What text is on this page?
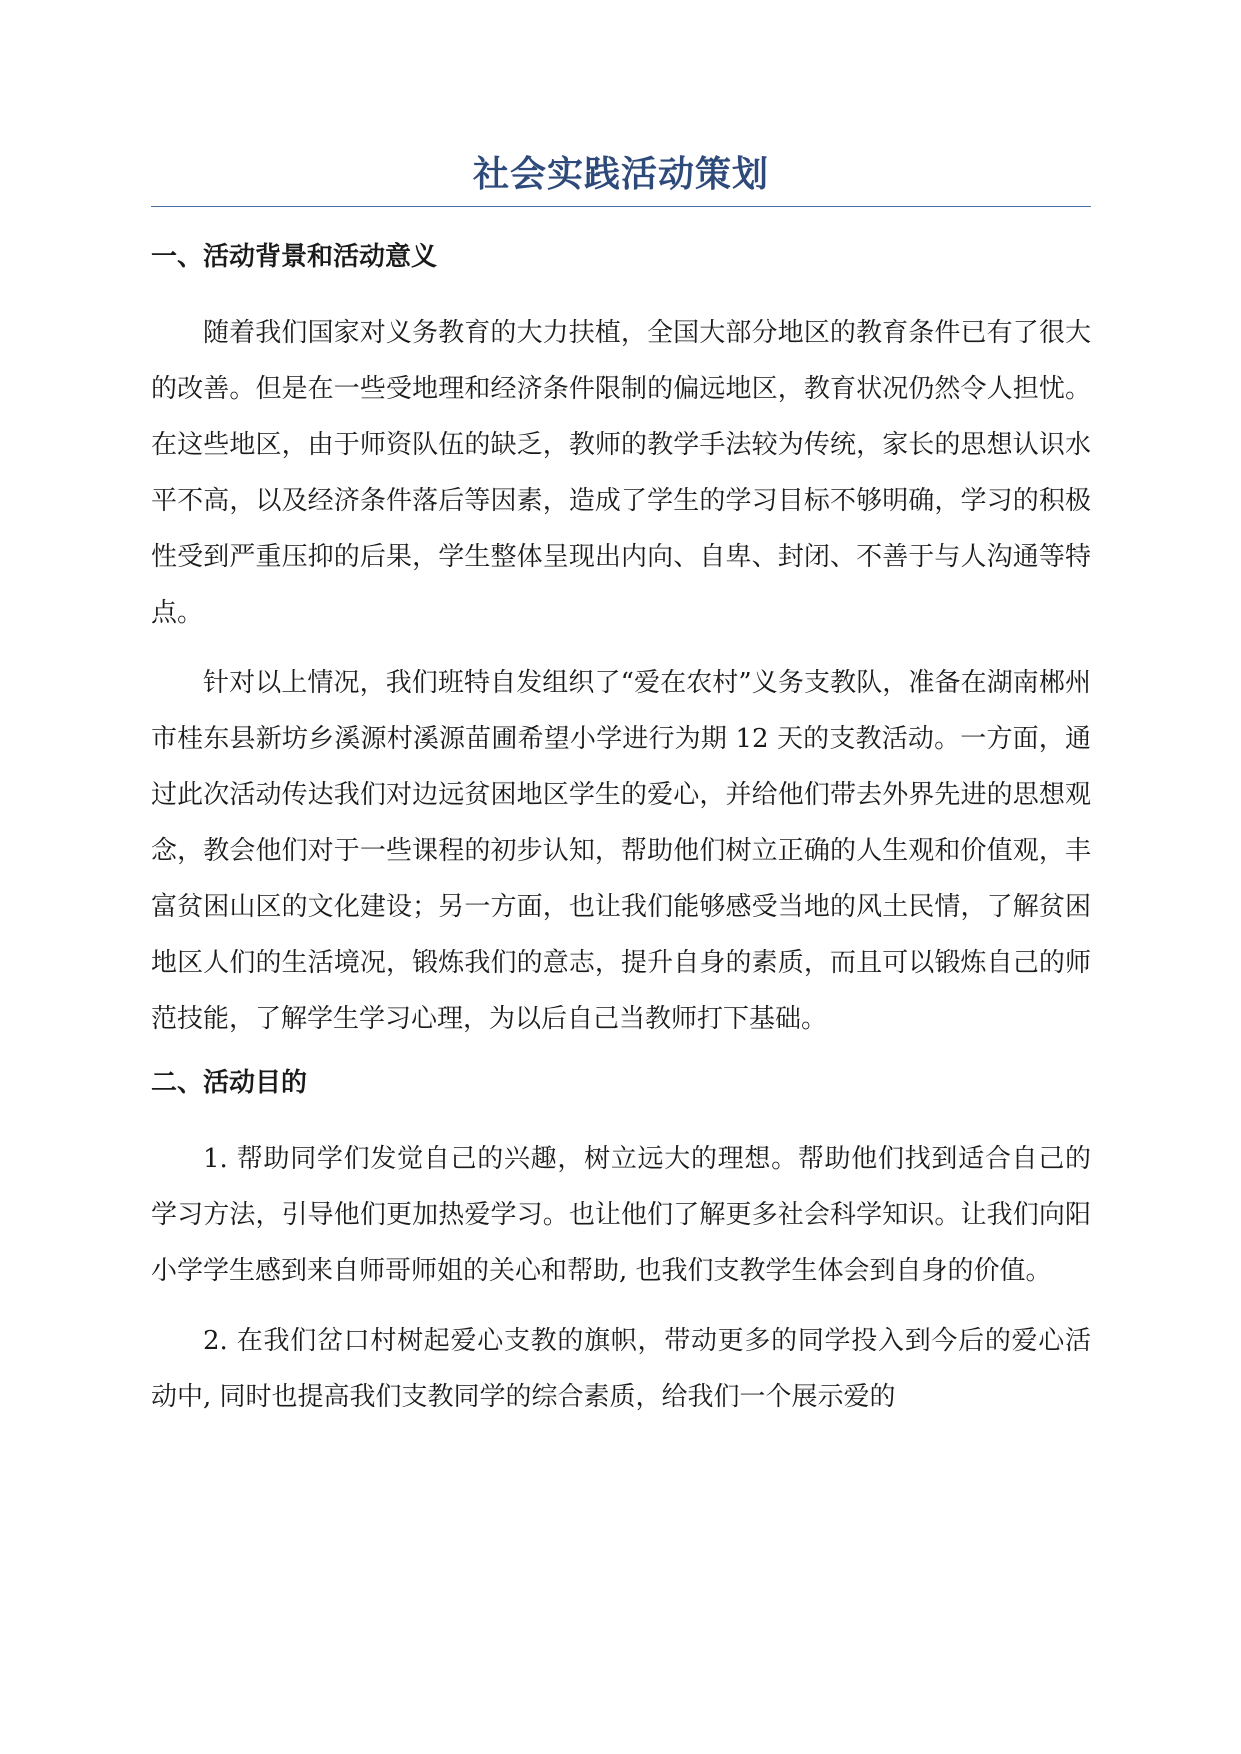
社会实践活动策划
一、活动背景和活动意义

随着我们国家对义务教育的大力扶植，全国大部分地区的教育条件已有了很大的改善。但是在一些受地理和经济条件限制的偏远地区，教育状况仍然令人担忧。在这些地区，由于师资队伍的缺乏，教师的教学手法较为传统，家长的思想认识水平不高，以及经济条件落后等因素，造成了学生的学习目标不够明确，学习的积极性受到严重压抑的后果，学生整体呈现出内向、自卑、封闭、不善于与人沟通等特点。

针对以上情况，我们班特自发组织了“爱在农村”义务支教队，准备在湖南郴州市桂东县新坊乡溪源村溪源苗圃希望小学进行为期 12 天的支教活动。一方面，通过此次活动传达我们对边远贫困地区学生的爱心，并给他们带去外界先进的思想观念，教会他们对于一些课程的初步认知，帮助他们树立正确的人生观和价值观，丰富贫困山区的文化建设；另一方面，也让我们能够感受当地的风土民情，了解贫困地区人们的生活境况，锻炼我们的意志，提升自身的素质，而且可以锻炼自己的师范技能，了解学生学习心理，为以后自己当教师打下基础。

二、活动目的

1. 帮助同学们发觉自己的兴趣，树立远大的理想。帮助他们找到适合自己的学习方法，引导他们更加热爱学习。也让他们了解更多社会科学知识。让我们向阳小学学生感到来自师哥师姐的关心和帮助, 也我们支教学生体会到自身的价值。

2. 在我们岔口村树起爱心支教的旗帜，带动更多的同学投入到今后的爱心活动中, 同时也提高我们支教同学的综合素质，给我们一个展示爱的
